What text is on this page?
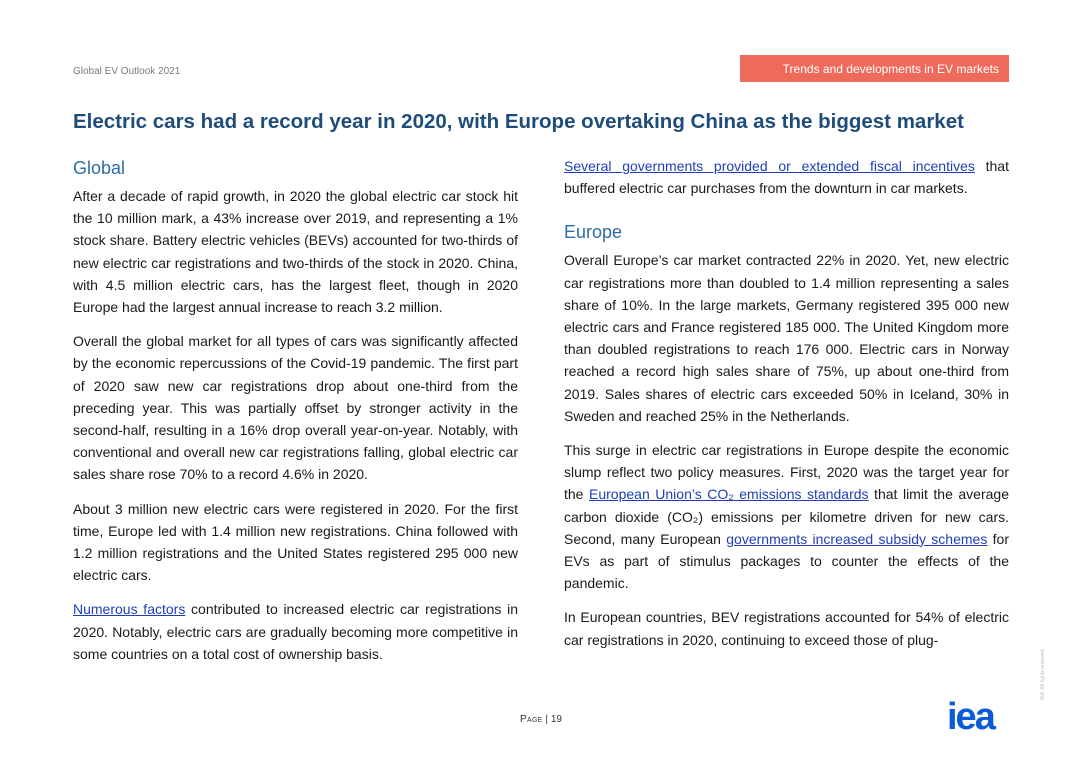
Global EV Outlook 2021	Trends and developments in EV markets
Electric cars had a record year in 2020, with Europe overtaking China as the biggest market
Global

After a decade of rapid growth, in 2020 the global electric car stock hit the 10 million mark, a 43% increase over 2019, and representing a 1% stock share. Battery electric vehicles (BEVs) accounted for two-thirds of new electric car registrations and two-thirds of the stock in 2020. China, with 4.5 million electric cars, has the largest fleet, though in 2020 Europe had the largest annual increase to reach 3.2 million.

Overall the global market for all types of cars was significantly affected by the economic repercussions of the Covid-19 pandemic. The first part of 2020 saw new car registrations drop about one-third from the preceding year. This was partially offset by stronger activity in the second-half, resulting in a 16% drop overall year-on-year. Notably, with conventional and overall new car registrations falling, global electric car sales share rose 70% to a record 4.6% in 2020.

About 3 million new electric cars were registered in 2020. For the first time, Europe led with 1.4 million new registrations. China followed with 1.2 million registrations and the United States registered 295 000 new electric cars.

Numerous factors contributed to increased electric car registrations in 2020. Notably, electric cars are gradually becoming more competitive in some countries on a total cost of ownership basis.

Several governments provided or extended fiscal incentives that buffered electric car purchases from the downturn in car markets.

Europe

Overall Europe’s car market contracted 22% in 2020. Yet, new electric car registrations more than doubled to 1.4 million representing a sales share of 10%. In the large markets, Germany registered 395 000 new electric cars and France registered 185 000. The United Kingdom more than doubled registrations to reach 176 000. Electric cars in Norway reached a record high sales share of 75%, up about one-third from 2019. Sales shares of electric cars exceeded 50% in Iceland, 30% in Sweden and reached 25% in the Netherlands.

This surge in electric car registrations in Europe despite the economic slump reflect two policy measures. First, 2020 was the target year for the European Union’s CO₂ emissions standards that limit the average carbon dioxide (CO₂) emissions per kilometre driven for new cars. Second, many European governments increased subsidy schemes for EVs as part of stimulus packages to counter the effects of the pandemic.

In European countries, BEV registrations accounted for 54% of electric car registrations in 2020, continuing to exceed those of plug-

Page | 19	iea
IEA. All rights reserved.
